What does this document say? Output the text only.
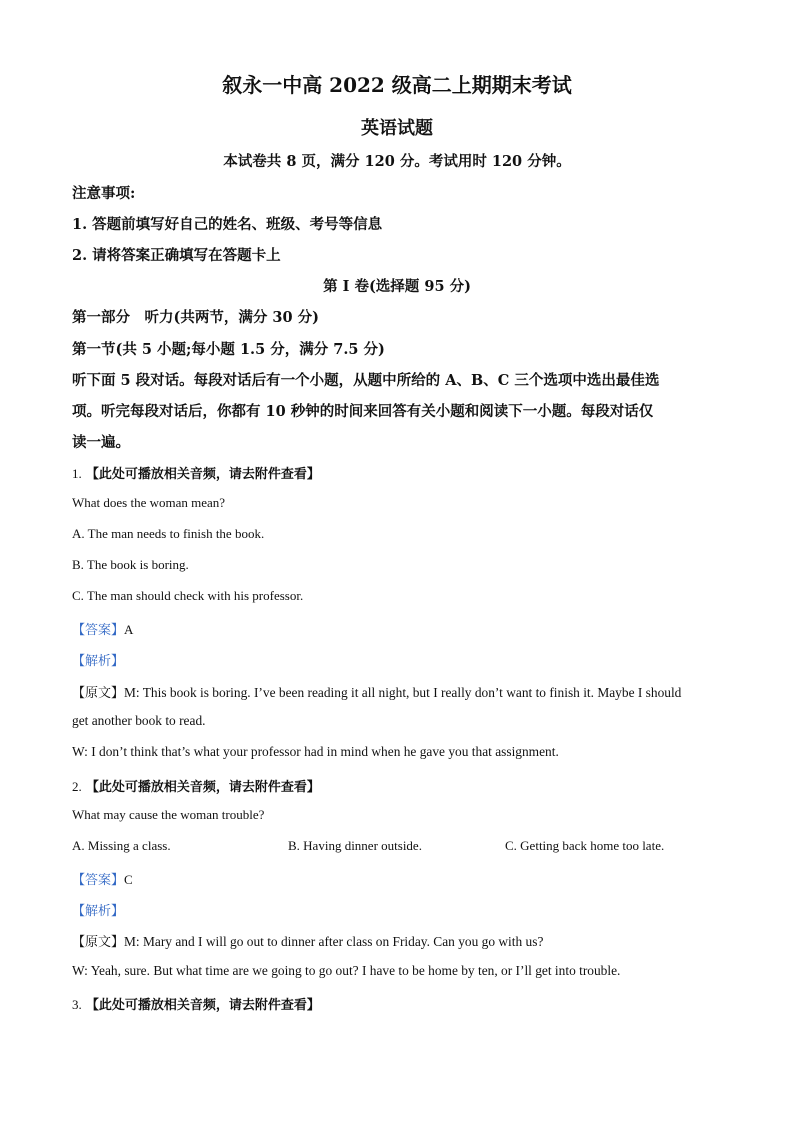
叙永一中高 2022 级高二上期期末考试
英语试题
本试卷共 8 页，满分 120 分。考试用时 120 分钟。
注意事项:
1. 答题前填写好自己的姓名、班级、考号等信息
2. 请将答案正确填写在答题卡上
第 I 卷(选择题 95 分)
第一部分　听力(共两节，满分 30 分)
第一节(共 5 小题;每小题 1.5 分，满分 7.5 分)
听下面 5 段对话。每段对话后有一个小题，从题中所给的 A、B、C 三个选项中选出最佳选
项。听完每段对话后，你都有 10 秒钟的时间来回答有关小题和阅读下一小题。每段对话仅
读一遍。
1. 【此处可播放相关音频，请去附件查看】
What does the woman mean?
A. The man needs to finish the book.
B. The book is boring.
C. The man should check with his professor.
【答案】A
【解析】
【原文】M: This book is boring. I’ve been reading it all night, but I really don’t want to finish it. Maybe I should
get another book to read.
W: I don’t think that’s what your professor had in mind when he gave you that assignment.
2. 【此处可播放相关音频，请去附件查看】
What may cause the woman trouble?
A. Missing a class.	B. Having dinner outside.	C. Getting back home too late.
【答案】C
【解析】
【原文】M: Mary and I will go out to dinner after class on Friday. Can you go with us?
W: Yeah, sure. But what time are we going to go out? I have to be home by ten, or I’ll get into trouble.
3. 【此处可播放相关音频，请去附件查看】
